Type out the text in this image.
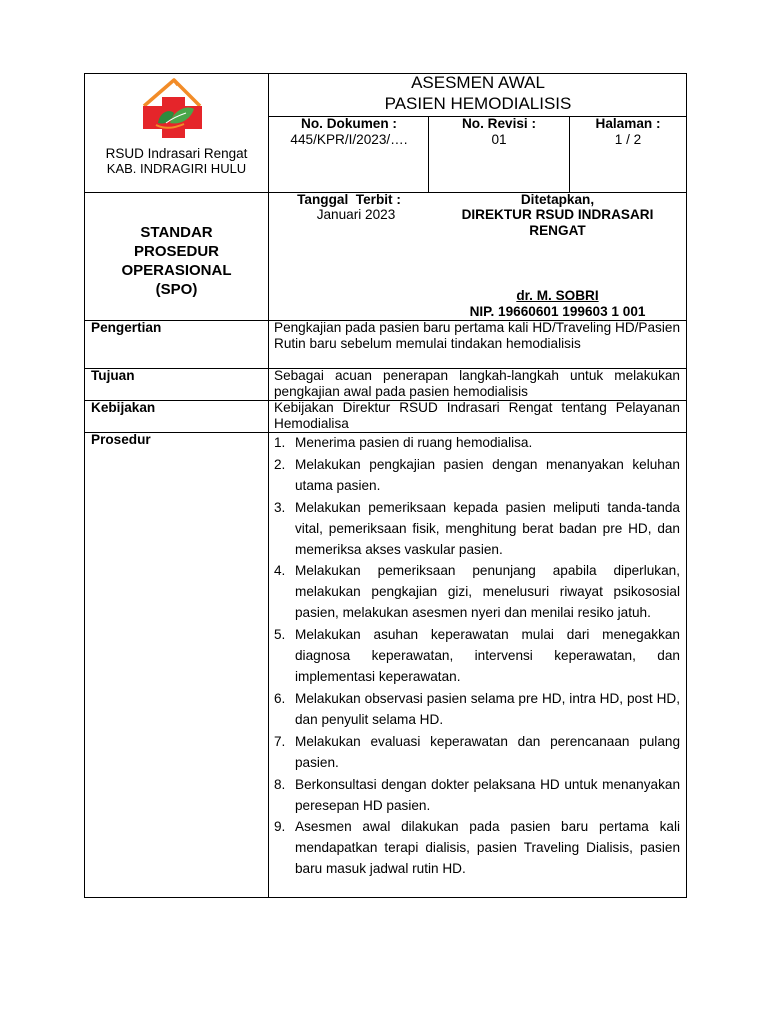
RSUD Indrasari Rengat
KAB. INDRAGIRI HULU
ASESMEN AWAL
PASIEN HEMODIALISIS
No. Dokumen :
445/KPR/I/2023/….
No. Revisi :
01
Halaman :
1 / 2
STANDAR
PROSEDUR
OPERASIONAL
(SPO)
Tanggal  Terbit :
Januari 2023
Ditetapkan,
DIREKTUR RSUD INDRASARI
RENGAT
dr. M. SOBRI
NIP. 19660601 199603 1 001
Pengertian	Pengkajian pada pasien baru pertama kali HD/Traveling HD/Pasien Rutin baru sebelum memulai tindakan hemodialisis
Tujuan	Sebagai acuan penerapan langkah-langkah untuk melakukan pengkajian awal pada pasien hemodialisis
Kebijakan	Kebijakan Direktur RSUD Indrasari Rengat tentang Pelayanan Hemodialisa
Prosedur	1. Menerima pasien di ruang hemodialisa.
2. Melakukan pengkajian pasien dengan menanyakan keluhan utama pasien.
3. Melakukan pemeriksaan kepada pasien meliputi tanda-tanda vital, pemeriksaan fisik, menghitung berat badan pre HD, dan memeriksa akses vaskular pasien.
4. Melakukan pemeriksaan penunjang apabila diperlukan, melakukan pengkajian gizi, menelusuri riwayat psikososial pasien, melakukan asesmen nyeri dan menilai resiko jatuh.
5. Melakukan asuhan keperawatan mulai dari menegakkan diagnosa keperawatan, intervensi keperawatan, dan implementasi keperawatan.
6. Melakukan observasi pasien selama pre HD, intra HD, post HD, dan penyulit selama HD.
7. Melakukan evaluasi keperawatan dan perencanaan pulang pasien.
8. Berkonsultasi dengan dokter pelaksana HD untuk menanyakan peresepan HD pasien.
9. Asesmen awal dilakukan pada pasien baru pertama kali mendapatkan terapi dialisis, pasien Traveling Dialisis, pasien baru masuk jadwal rutin HD.
